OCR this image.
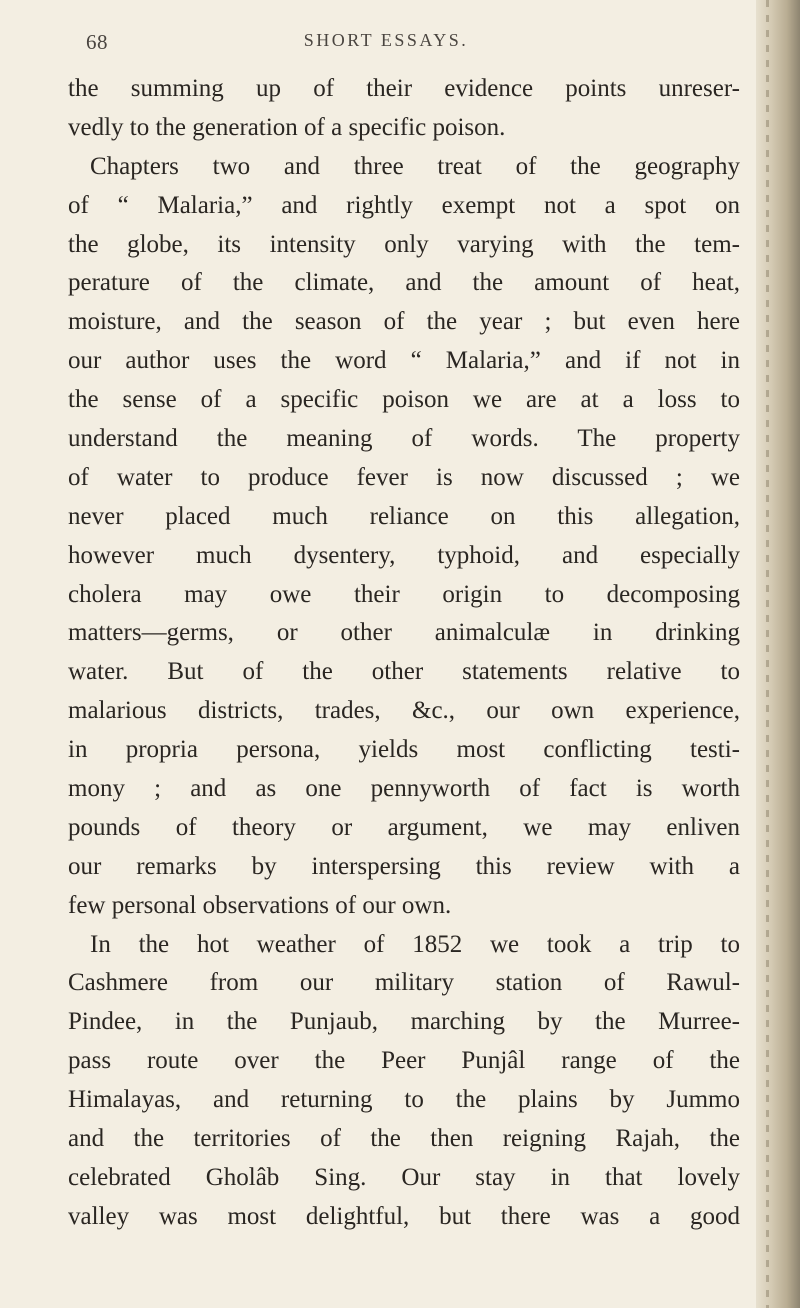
68	SHORT ESSAYS.
the summing up of their evidence points unreser-
vedly to the generation of a specific poison.
Chapters two and three treat of the geography
of “ Malaria,” and rightly exempt not a spot on
the globe, its intensity only varying with the tem-
perature of the climate, and the amount of heat,
moisture, and the season of the year ; but even here
our author uses the word “ Malaria,” and if not in
the sense of a specific poison we are at a loss to
understand the meaning of words. The property
of water to produce fever is now discussed ; we
never placed much reliance on this allegation,
however much dysentery, typhoid, and especially
cholera may owe their origin to decomposing
matters—germs, or other animalculæ in drinking
water. But of the other statements relative to
malarious districts, trades, &c., our own experience,
in propria persona, yields most conflicting testi-
mony ; and as one pennyworth of fact is worth
pounds of theory or argument, we may enliven
our remarks by interspersing this review with a
few personal observations of our own.
In the hot weather of 1852 we took a trip to
Cashmere from our military station of Rawul-
Pindee, in the Punjaub, marching by the Murree-
pass route over the Peer Punjâl range of the
Himalayas, and returning to the plains by Jummo
and the territories of the then reigning Rajah, the
celebrated Gholâb Sing. Our stay in that lovely
valley was most delightful, but there was a good
